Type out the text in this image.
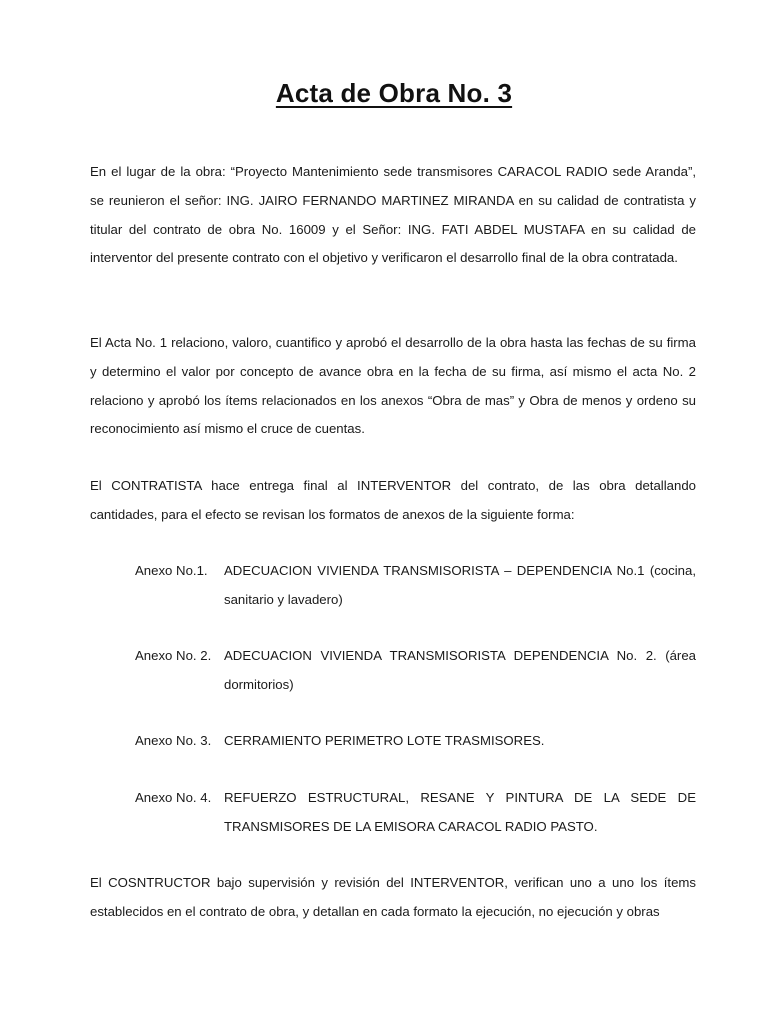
Acta de Obra No. 3
En el lugar de la obra: “Proyecto Mantenimiento sede transmisores CARACOL RADIO sede Aranda”, se reunieron el señor: ING. JAIRO FERNANDO MARTINEZ MIRANDA en su calidad de contratista y titular del contrato de obra No. 16009 y el Señor: ING. FATI ABDEL MUSTAFA en su calidad de interventor del presente contrato con el objetivo y verificaron el desarrollo final de la obra contratada.
El Acta No. 1 relaciono, valoro, cuantifico y aprobó el desarrollo de la obra hasta las fechas de su firma y determino el valor por concepto de avance obra en la fecha de su firma, así mismo el acta No. 2 relaciono y aprobó los ítems relacionados en los anexos “Obra de mas” y Obra de menos y ordeno su reconocimiento así mismo el cruce de cuentas.
El CONTRATISTA hace entrega final al INTERVENTOR del contrato, de las obra detallando cantidades, para el efecto se revisan los formatos de anexos de la siguiente forma:
Anexo No.1.	ADECUACION VIVIENDA TRANSMISORISTA – DEPENDENCIA No.1 (cocina, sanitario y lavadero)
Anexo No. 2. ADECUACION VIVIENDA TRANSMISORISTA DEPENDENCIA No. 2. (área dormitorios)
Anexo No. 3. CERRAMIENTO PERIMETRO LOTE TRASMISORES.
Anexo No. 4. REFUERZO ESTRUCTURAL, RESANE Y PINTURA DE LA SEDE DE TRANSMISORES DE LA EMISORA CARACOL RADIO PASTO.
El COSNTRUCTOR bajo supervisión y revisión del INTERVENTOR, verifican uno a uno los ítems establecidos en el contrato de obra, y detallan en cada formato la ejecución, no ejecución y obras
